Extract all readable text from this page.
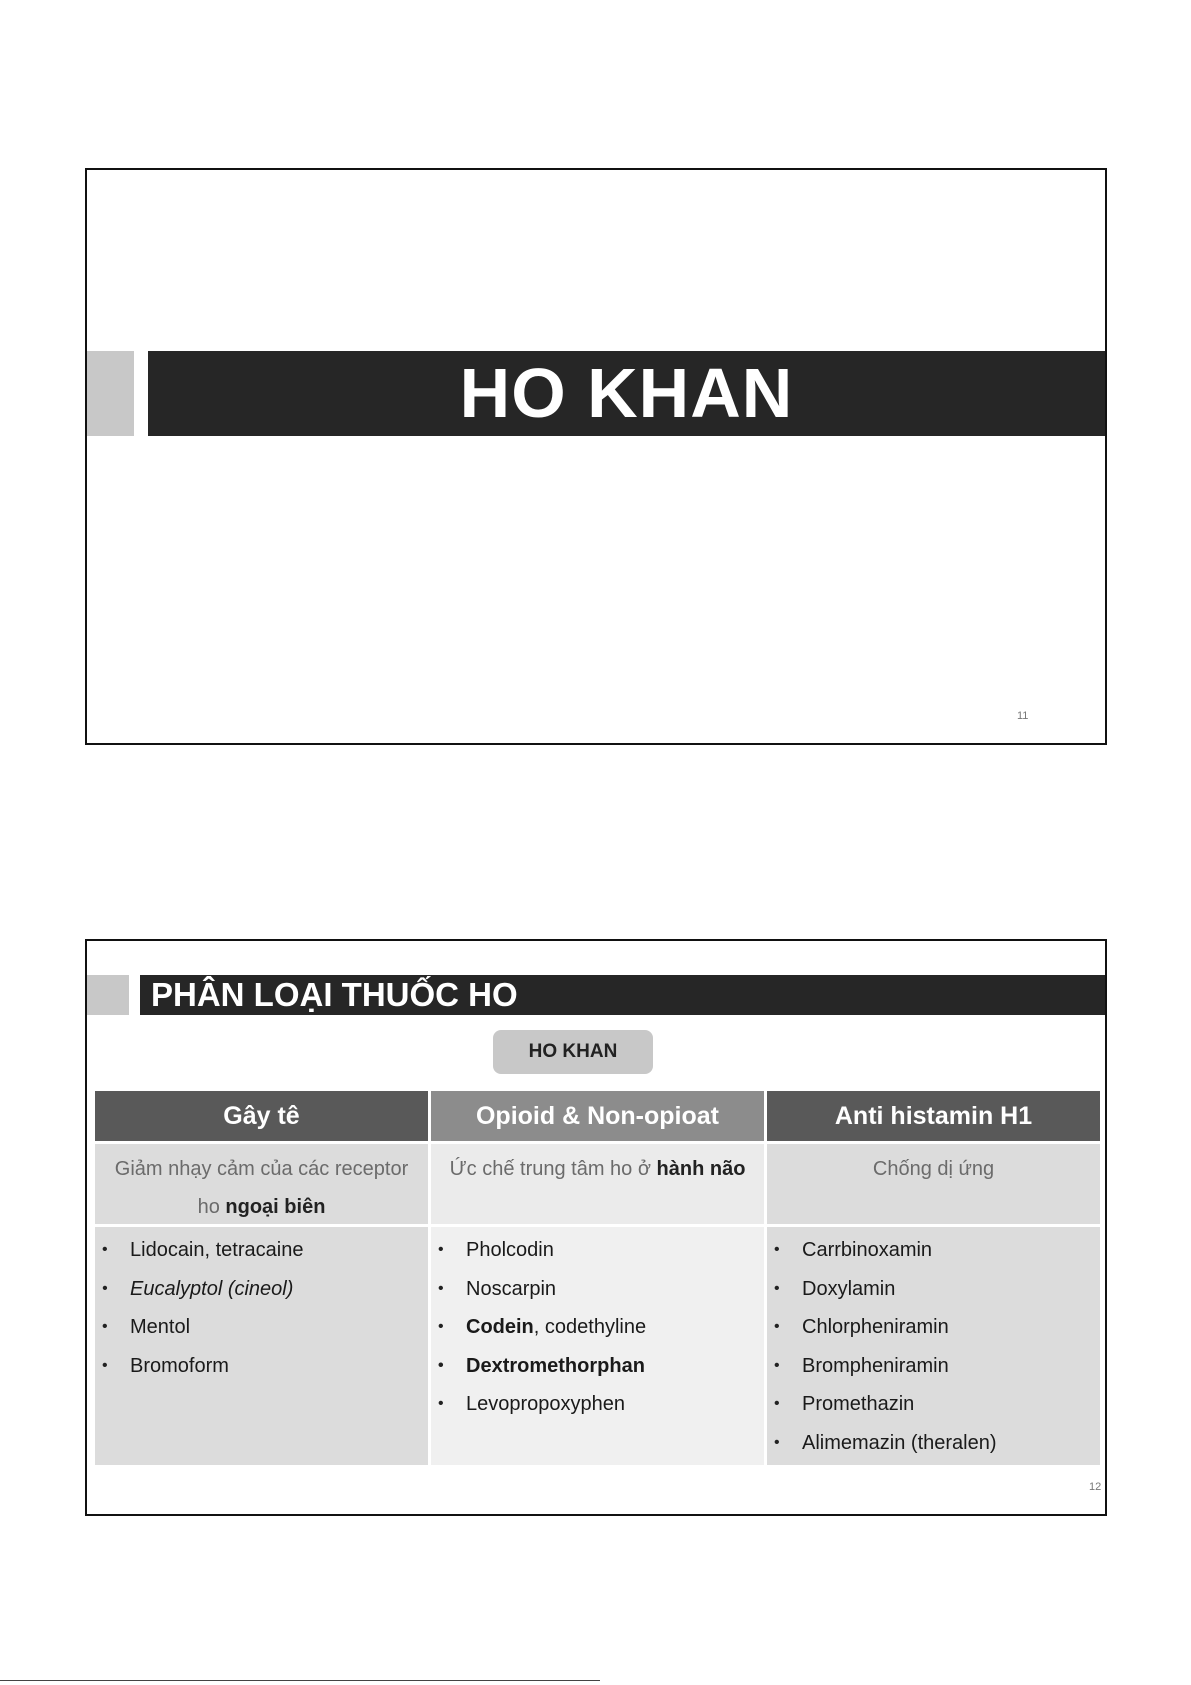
HO KHAN
11
PHÂN LOẠI THUỐC HO
HO KHAN
Gây tê
Giảm nhạy cảm của các receptor ho ngoại biên
• Lidocain, tetracaine
• Eucalyptol (cineol)
• Mentol
• Bromoform
Opioid & Non-opioat
Ức chế trung tâm ho ở hành não
• Pholcodin
• Noscarpin
• Codein, codethyline
• Dextromethorphan
• Levopropoxyphen
Anti histamin H1
Chống dị ứng
• Carrbinoxamin
• Doxylamin
• Chlorpheniramin
• Brompheniramin
• Promethazin
• Alimemazin (theralen)
12
